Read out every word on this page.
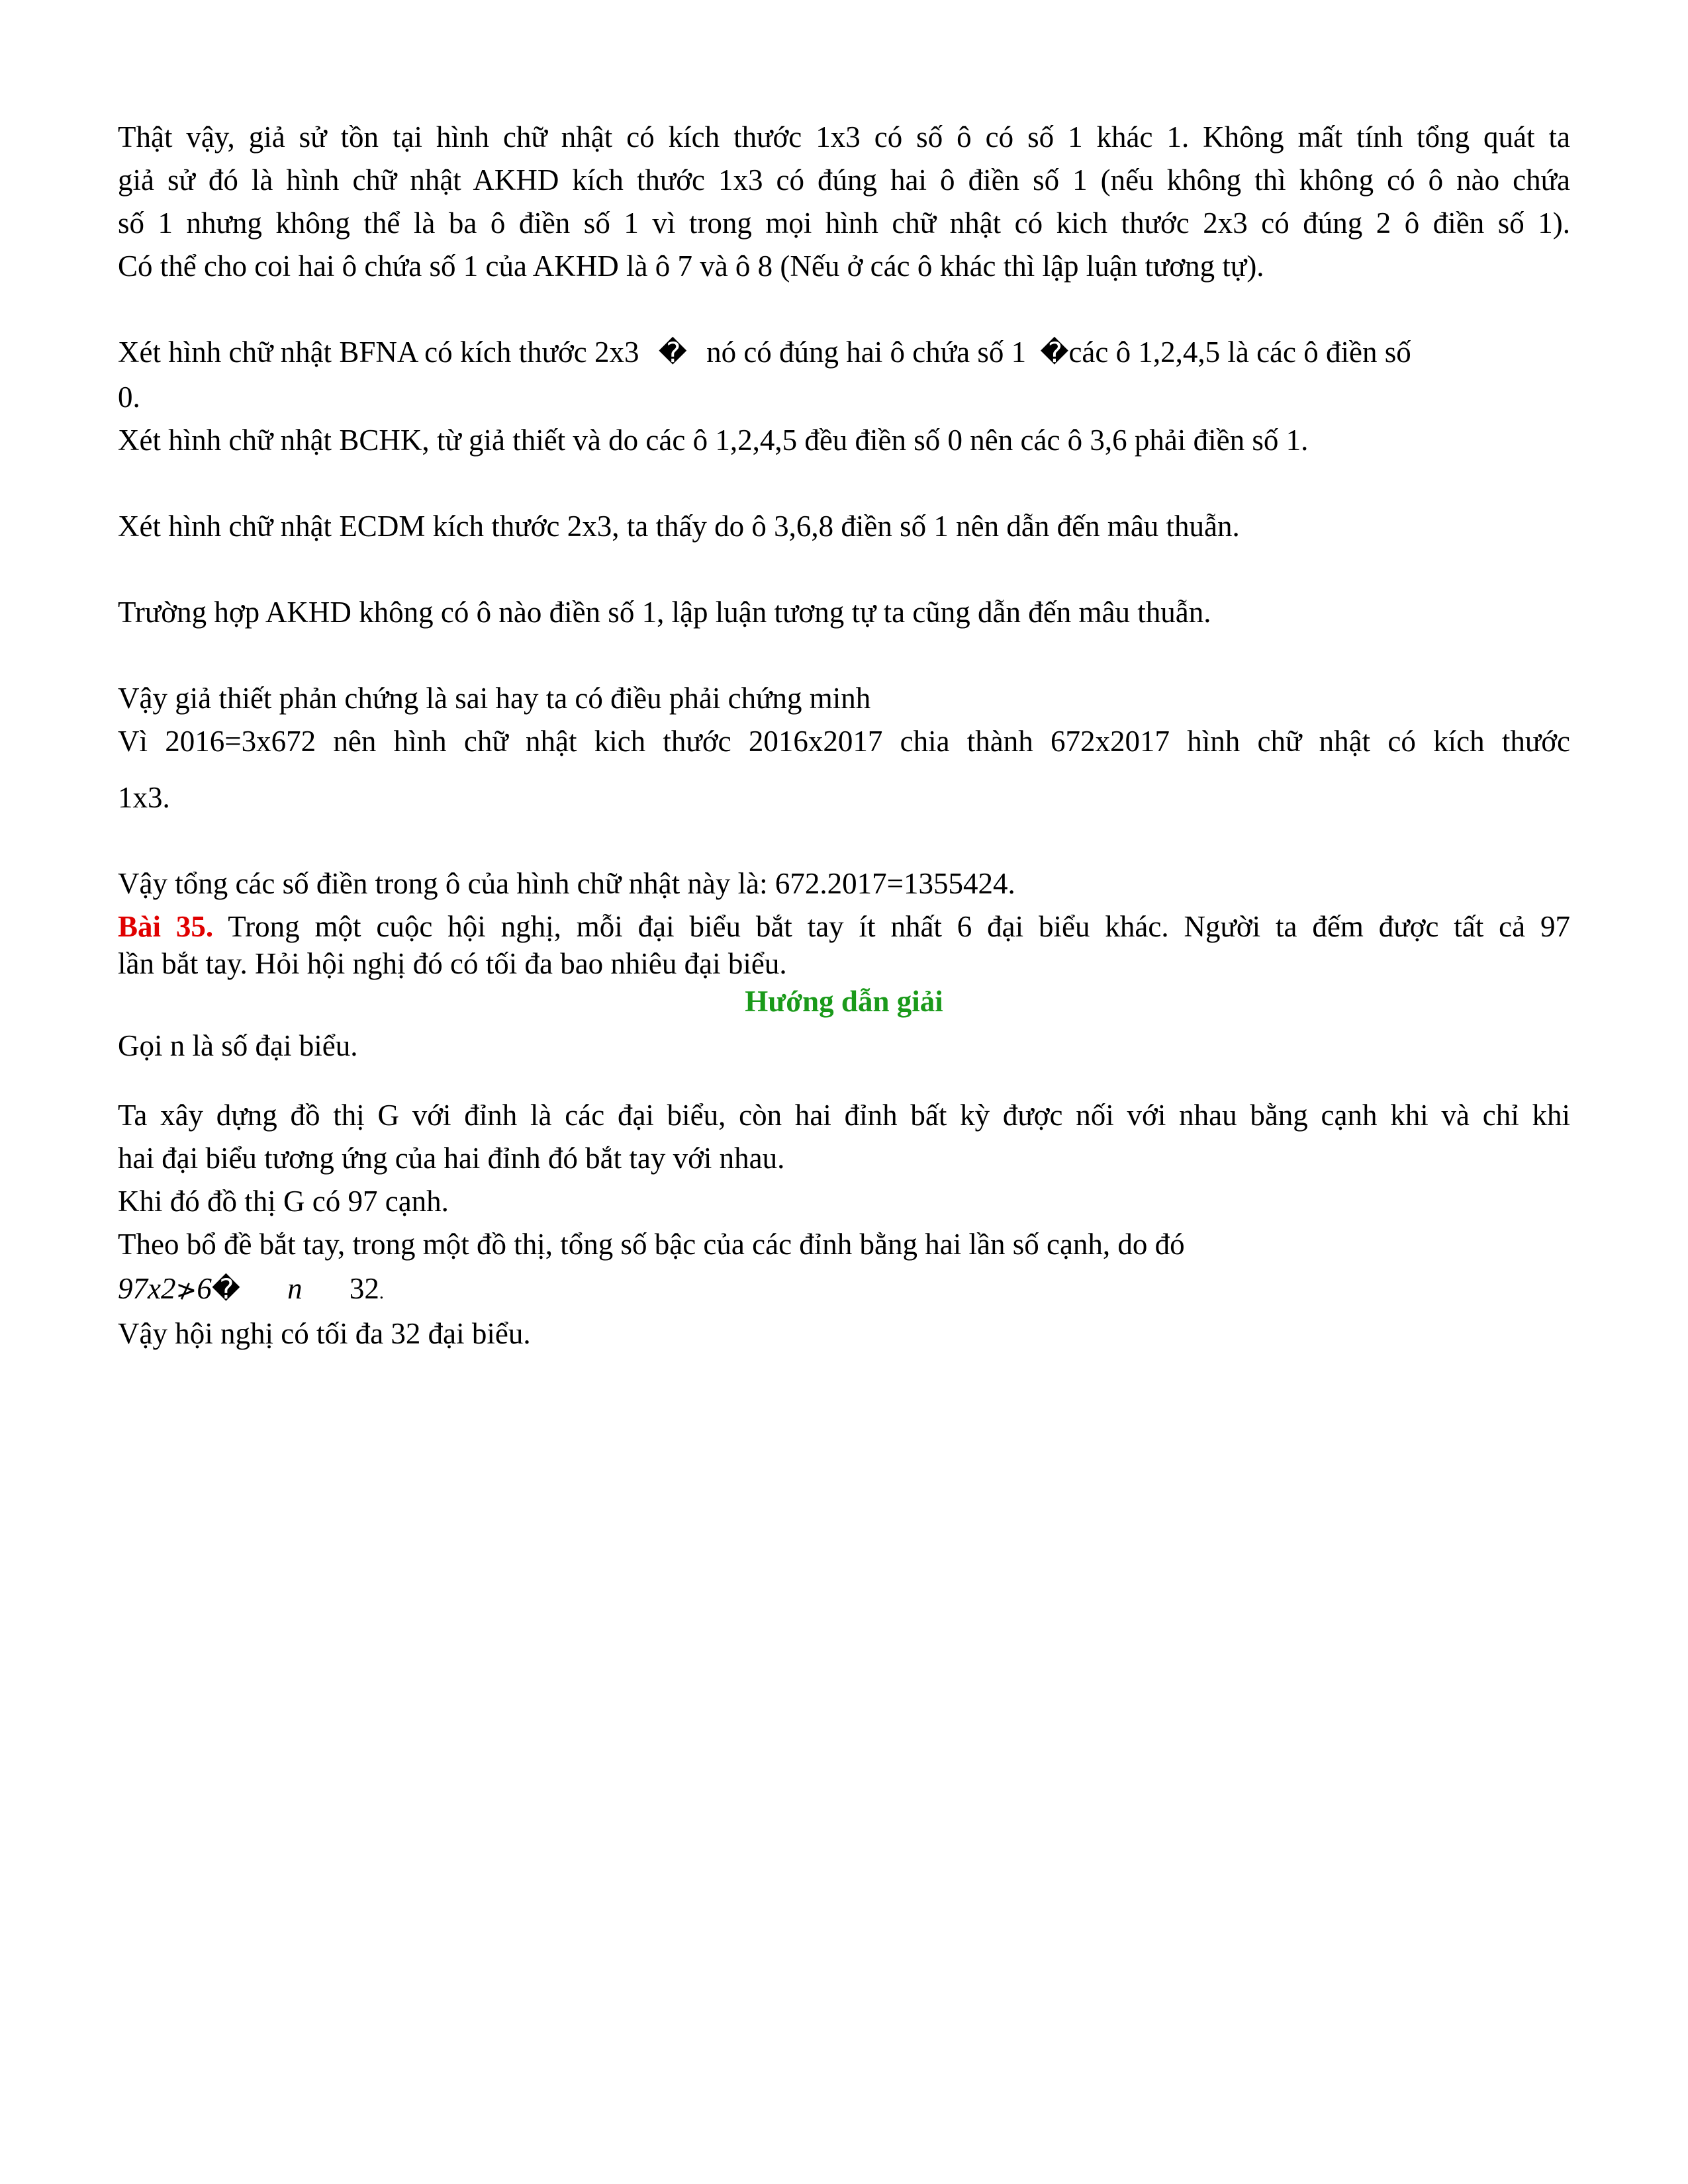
Thật vậy, giả sử tồn tại hình chữ nhật có kích thước 1x3 có số ô có số 1 khác 1. Không mất tính tổng quát ta
giả sử đó là hình chữ nhật AKHD kích thước 1x3 có đúng hai ô điền số 1 (nếu không thì không có ô nào chứa
số 1 nhưng không thể là ba ô điền số 1 vì trong mọi hình chữ nhật có kich thước 2x3 có đúng 2 ô điền số 1).
Có thể cho coi hai ô chứa số 1 của AKHD là ô 7 và ô 8 (Nếu ở các ô khác thì lập luận tương tự).
Xét hình chữ nhật BFNA có kích thước 2x3 � nó có đúng hai ô chứa số 1 �các ô 1,2,4,5 là các ô điền số
0.
Xét hình chữ nhật BCHK, từ giả thiết và do các ô 1,2,4,5 đều điền số 0 nên các ô 3,6 phải điền số 1.
Xét hình chữ nhật ECDM kích thước 2x3, ta thấy do ô 3,6,8 điền số 1 nên dẫn đến mâu thuẫn.
Trường hợp AKHD không có ô nào điền số 1, lập luận tương tự ta cũng dẫn đến mâu thuẫn.
Vậy giả thiết phản chứng là sai hay ta có điều phải chứng minh
Vì 2016=3x672 nên hình chữ nhật kich thước 2016x2017 chia thành 672x2017 hình chữ nhật có kích thước
1x3.
Vậy tổng các số điền trong ô của hình chữ nhật này là: 672.2017=1355424.
Bài 35. Trong một cuộc hội nghị, mỗi đại biểu bắt tay ít nhất 6 đại biểu khác. Người ta đếm được tất cả 97
lần bắt tay. Hỏi hội nghị đó có tối đa bao nhiêu đại biểu.
Hướng dẫn giải
Gọi n là số đại biểu.
Ta xây dựng đồ thị G với đỉnh là các đại biểu, còn hai đỉnh bất kỳ được nối với nhau bằng cạnh khi và chỉ khi
hai đại biểu tương ứng của hai đỉnh đó bắt tay với nhau.
Khi đó đồ thị G có 97 cạnh.
Theo bổ đề bắt tay, trong một đồ thị, tổng số bậc của các đỉnh bằng hai lần số cạnh, do đó
97x2≯6� n 32.
Vậy hội nghị có tối đa 32 đại biểu.
